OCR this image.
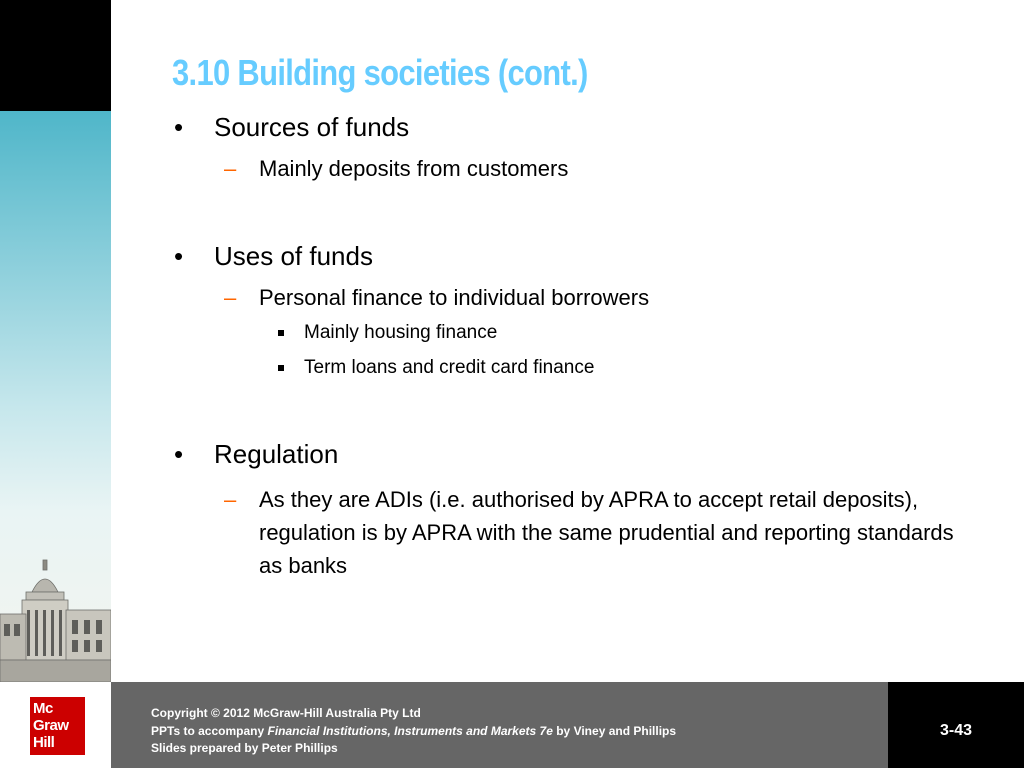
3.10 Building societies (cont.)
• Sources of funds
– Mainly deposits from customers
• Uses of funds
– Personal finance to individual borrowers
Mainly housing finance
Term loans and credit card finance
• Regulation
– As they are ADIs (i.e. authorised by APRA to accept retail deposits), regulation is by APRA with the same prudential and reporting standards as banks
Mc
Graw
Hill
Copyright © 2012 McGraw-Hill Australia Pty Ltd
PPTs to accompany Financial Institutions, Instruments and Markets 7e by Viney and Phillips
Slides prepared by Peter Phillips
3-43
